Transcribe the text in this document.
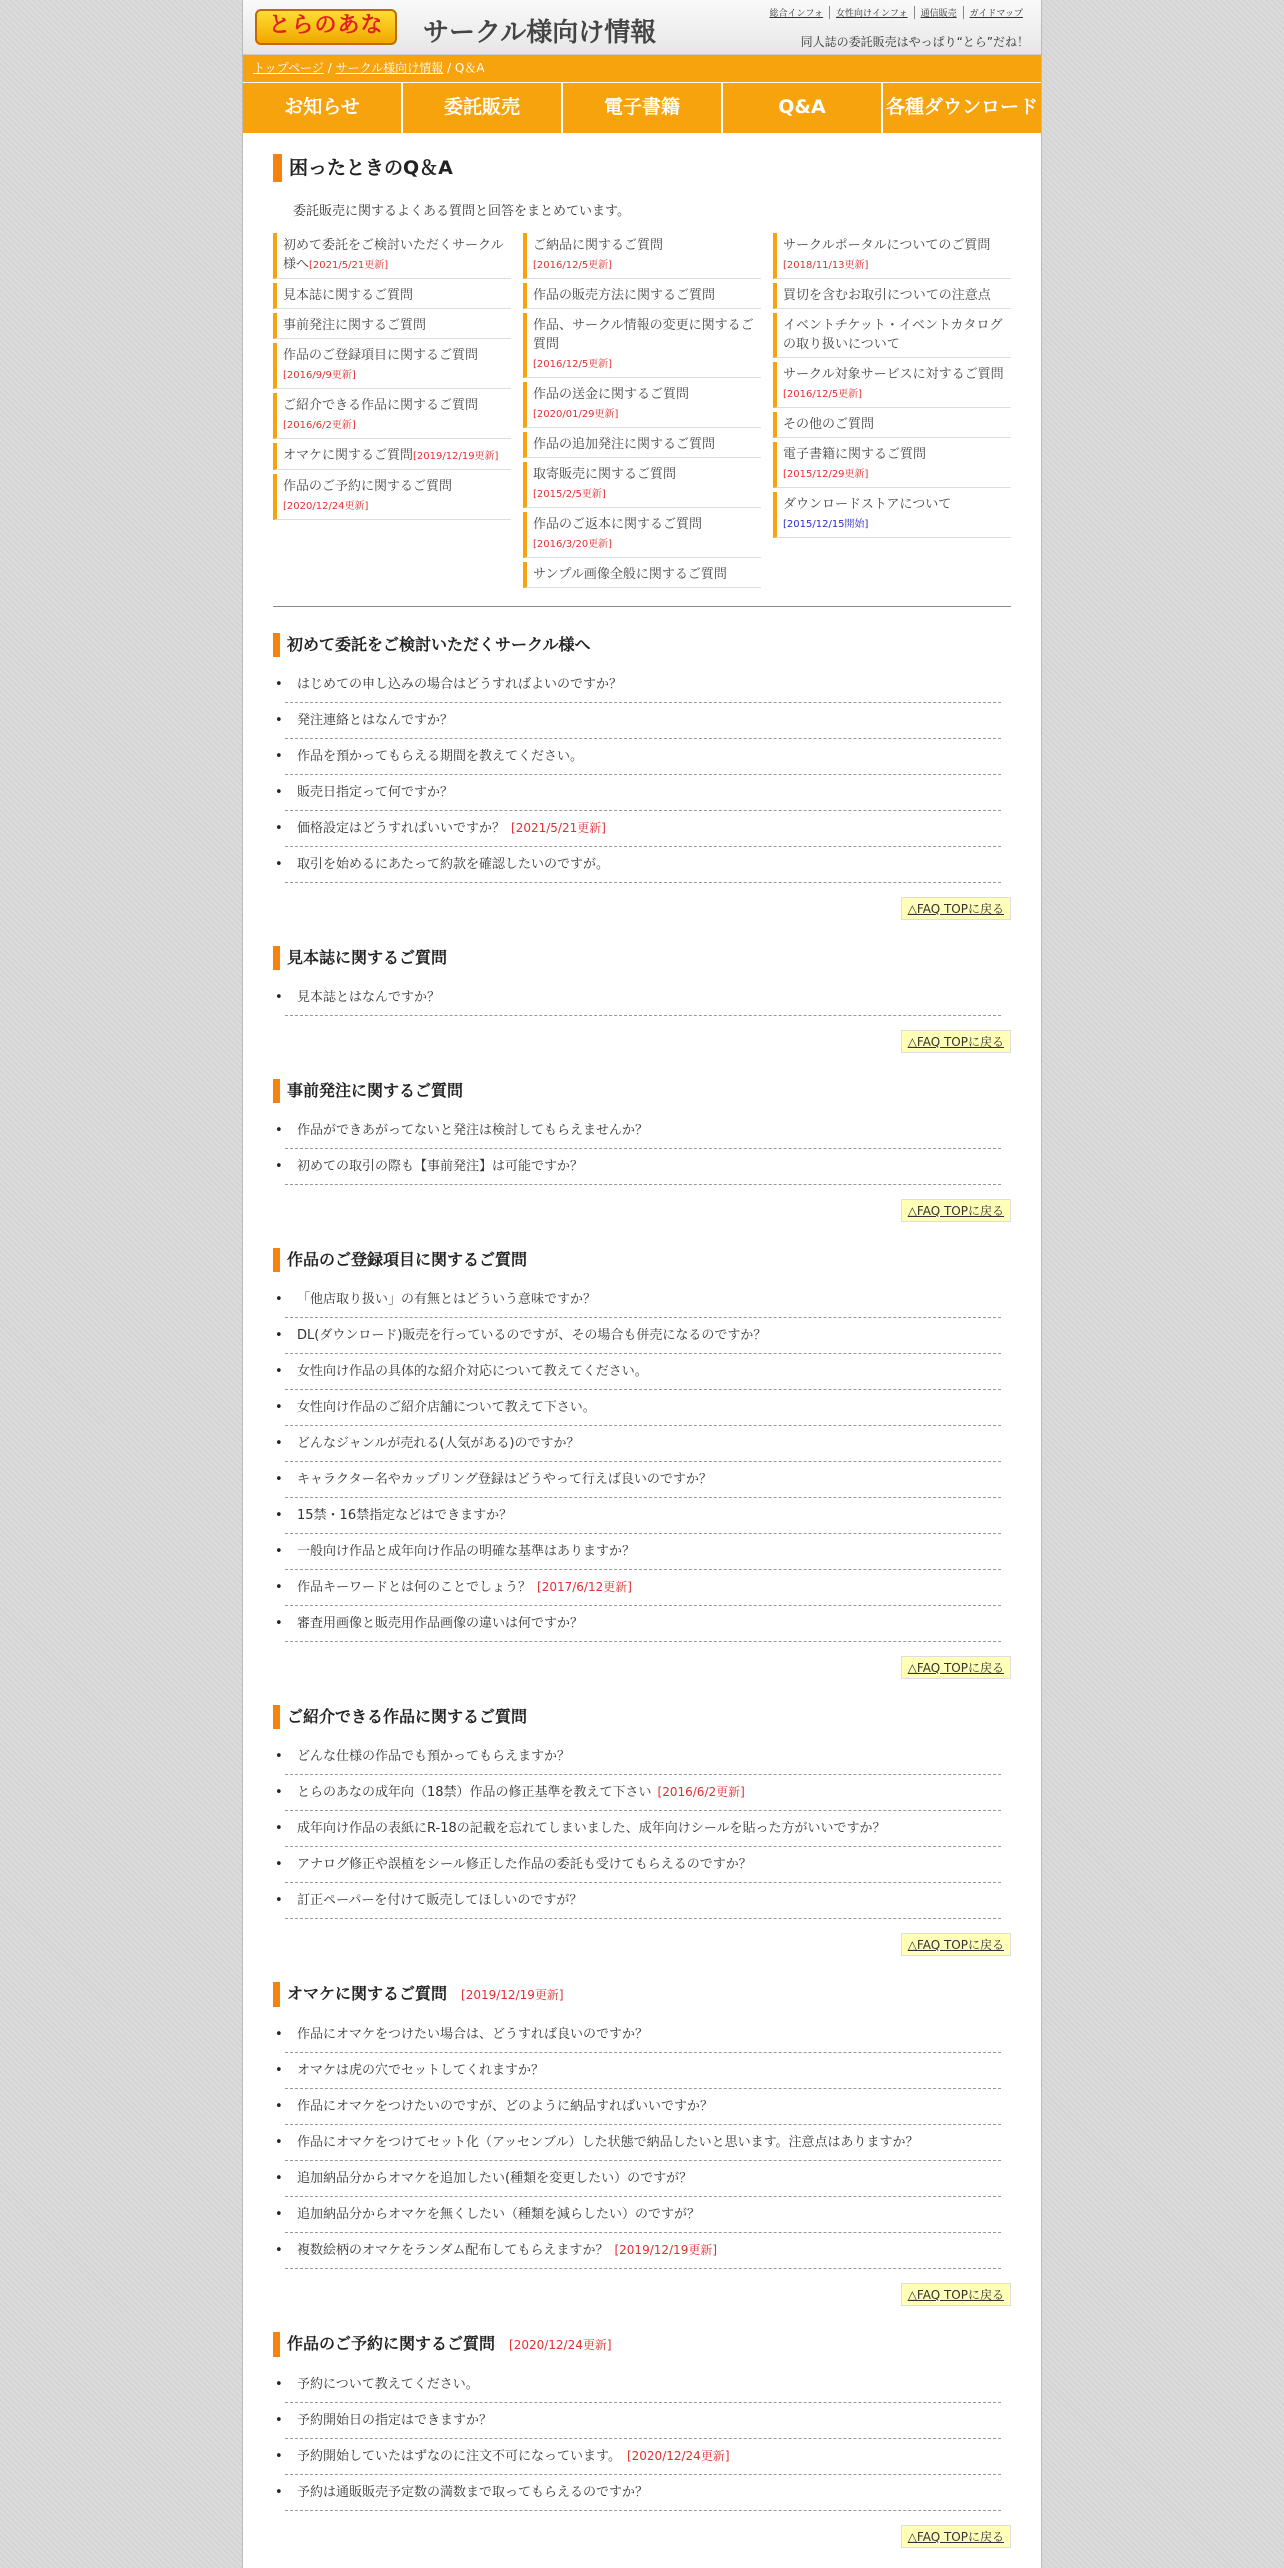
とらのあな	サークル様向け情報
総合インフォ	女性向けインフォ	通信販売	ガイドマップ
同人誌の委託販売はやっぱり“とら”だね！
トップページ / サークル様向け情報 / Q＆A
お知らせ	委託販売	電子書籍	Q&A	各種ダウンロード
困ったときのQ＆A

委託販売に関するよくある質問と回答をまとめています。

初めて委託をご検討いただくサークル様へ[2021/5/21更新]
見本誌に関するご質問
事前発注に関するご質問
作品のご登録項目に関するご質問[2016/9/9更新]
ご紹介できる作品に関するご質問[2016/6/2更新]
オマケに関するご質問[2019/12/19更新]
作品のご予約に関するご質問[2020/12/24更新]
ご納品に関するご質問
[2016/12/5更新]
作品の販売方法に関するご質問
作品、サークル情報の変更に関するご質問
[2016/12/5更新]
作品の送金に関するご質問
[2020/01/29更新]
作品の追加発注に関するご質問
取寄販売に関するご質問
[2015/2/5更新]
作品のご返本に関するご質問
[2016/3/20更新]
サンプル画像全般に関するご質問
サークルポータルについてのご質問
[2018/11/13更新]
買切を含むお取引についての注意点
イベントチケット・イベントカタログの取り扱いについて
サークル対象サービスに対するご質問
[2016/12/5更新]
その他のご質問
電子書籍に関するご質問
[2015/12/29更新]
ダウンロードストアについて
[2015/12/15開始]
初めて委託をご検討いただくサークル様へ
• はじめての申し込みの場合はどうすればよいのですか？
• 発注連絡とはなんですか？
• 作品を預かってもらえる期間を教えてください。
• 販売日指定って何ですか？
• 価格設定はどうすればいいですか？ [2021/5/21更新]
• 取引を始めるにあたって約款を確認したいのですが。
△FAQ TOPに戻る
見本誌に関するご質問
• 見本誌とはなんですか？
△FAQ TOPに戻る
事前発注に関するご質問
• 作品ができあがってないと発注は検討してもらえませんか？
• 初めての取引の際も【事前発注】は可能ですか？
△FAQ TOPに戻る
作品のご登録項目に関するご質問
• 「他店取り扱い」の有無とはどういう意味ですか？
• DL(ダウンロード)販売を行っているのですが、その場合も併売になるのですか？
• 女性向け作品の具体的な紹介対応について教えてください。
• 女性向け作品のご紹介店舗について教えて下さい。
• どんなジャンルが売れる(人気がある)のですか？
• キャラクター名やカップリング登録はどうやって行えば良いのですか？
• 15禁・16禁指定などはできますか？
• 一般向け作品と成年向け作品の明確な基準はありますか？
• 作品キーワードとは何のことでしょう？ [2017/6/12更新]
• 審査用画像と販売用作品画像の違いは何ですか？
△FAQ TOPに戻る
ご紹介できる作品に関するご質問
• どんな仕様の作品でも預かってもらえますか？
• とらのあなの成年向（18禁）作品の修正基準を教えて下さい [2016/6/2更新]
• 成年向け作品の表紙にR-18の記載を忘れてしまいました、成年向けシールを貼った方がいいですか？
• アナログ修正や誤植をシール修正した作品の委託も受けてもらえるのですか？
• 訂正ペーパーを付けて販売してほしいのですが？
△FAQ TOPに戻る
オマケに関するご質問 [2019/12/19更新]
• 作品にオマケをつけたい場合は、どうすれば良いのですか？
• オマケは虎の穴でセットしてくれますか？
• 作品にオマケをつけたいのですが、どのように納品すればいいですか？
• 作品にオマケをつけてセット化（アッセンブル）した状態で納品したいと思います。注意点はありますか？
• 追加納品分からオマケを追加したい(種類を変更したい）のですが？
• 追加納品分からオマケを無くしたい（種類を減らしたい）のですが？
• 複数絵柄のオマケをランダム配布してもらえますか？ [2019/12/19更新]
△FAQ TOPに戻る
作品のご予約に関するご質問 [2020/12/24更新]
• 予約について教えてください。
• 予約開始日の指定はできますか？
• 予約開始していたはずなのに注文不可になっています。 [2020/12/24更新]
• 予約は通販販売予定数の満数まで取ってもらえるのですか？
△FAQ TOPに戻る
